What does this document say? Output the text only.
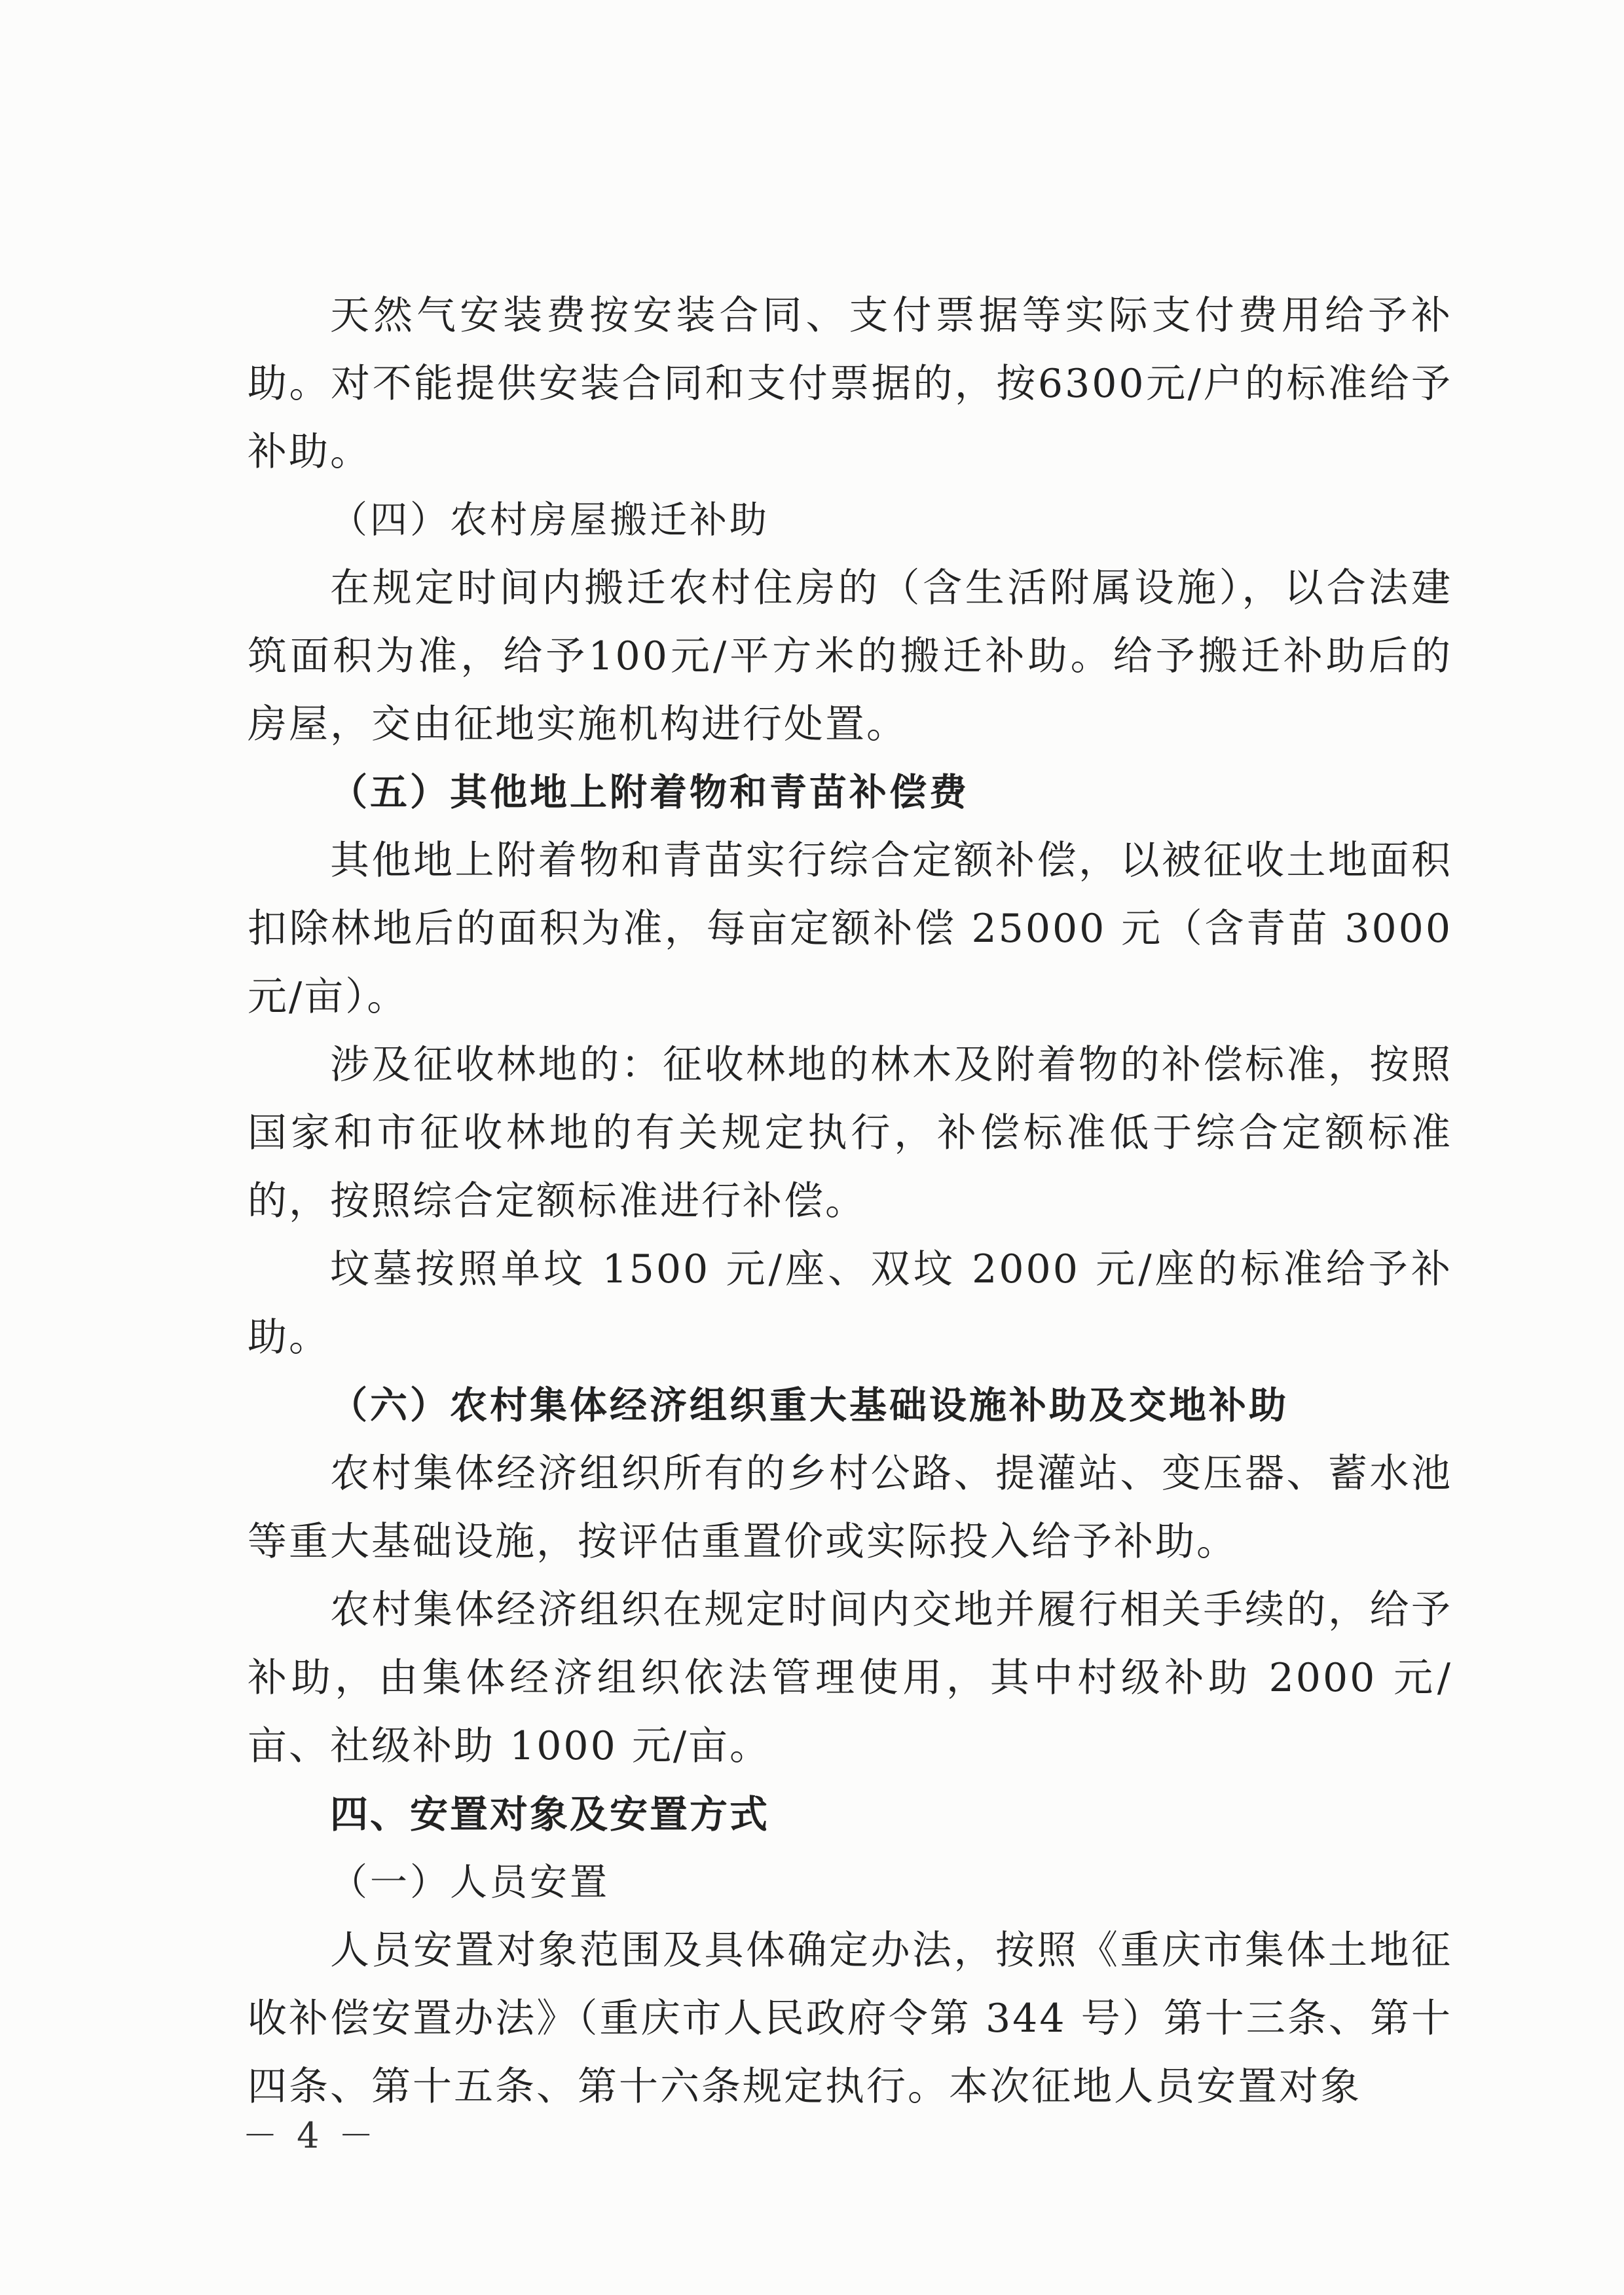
天然气安装费按安装合同、支付票据等实际支付费用给予补助。对不能提供安装合同和支付票据的，按6300元/户的标准给予补助。

（四）农村房屋搬迁补助

在规定时间内搬迁农村住房的（含生活附属设施），以合法建筑面积为准，给予100元/平方米的搬迁补助。给予搬迁补助后的房屋，交由征地实施机构进行处置。

（五）其他地上附着物和青苗补偿费

其他地上附着物和青苗实行综合定额补偿，以被征收土地面积扣除林地后的面积为准，每亩定额补偿 25000 元（含青苗 3000 元/亩）。

涉及征收林地的：征收林地的林木及附着物的补偿标准，按照国家和市征收林地的有关规定执行，补偿标准低于综合定额标准的，按照综合定额标准进行补偿。

坟墓按照单坟 1500 元/座、双坟 2000 元/座的标准给予补助。

（六）农村集体经济组织重大基础设施补助及交地补助

农村集体经济组织所有的乡村公路、提灌站、变压器、蓄水池等重大基础设施，按评估重置价或实际投入给予补助。

农村集体经济组织在规定时间内交地并履行相关手续的，给予补助，由集体经济组织依法管理使用，其中村级补助 2000 元/亩、社级补助 1000 元/亩。

四、安置对象及安置方式

（一）人员安置

人员安置对象范围及具体确定办法，按照《重庆市集体土地征收补偿安置办法》（重庆市人民政府令第 344 号）第十三条、第十四条、第十五条、第十六条规定执行。本次征地人员安置对象

－ 4 －
